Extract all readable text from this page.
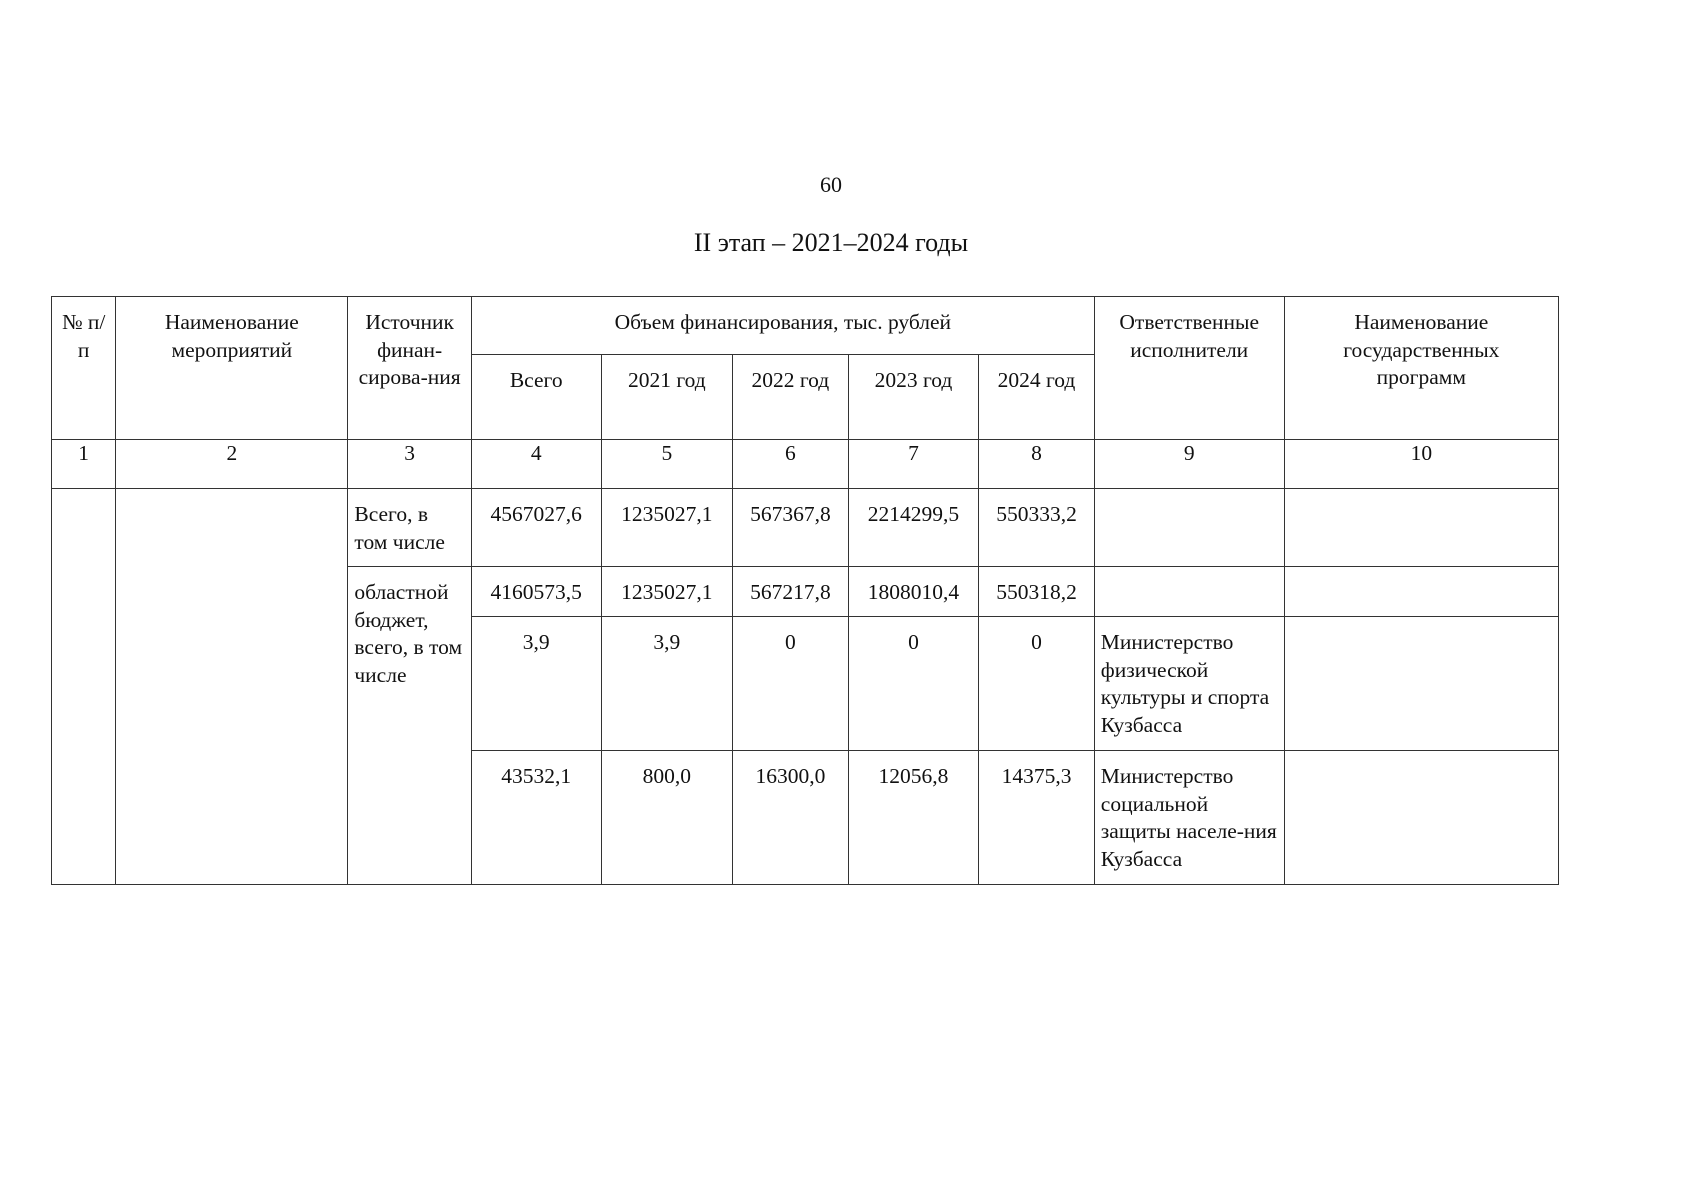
60
II этап – 2021–2024 годы
№ п/п	Наименование мероприятий	Источник финан-сирова-ния	Объем финансирования, тыс. рублей					Ответственные исполнители	Наименование государственных программ
			Всего	2021 год	2022 год	2023 год	2024 год		
1	2	3	4	5	6	7	8	9	10
		Всего, в том числе	4567027,6	1235027,1	567367,8	2214299,5	550333,2		
		областной бюджет, всего, в том числе	4160573,5	1235027,1	567217,8	1808010,4	550318,2		
			3,9	3,9	0	0	0	Министерство физической культуры и спорта Кузбасса	
			43532,1	800,0	16300,0	12056,8	14375,3	Министерство социальной защиты населе-ния Кузбасса	
